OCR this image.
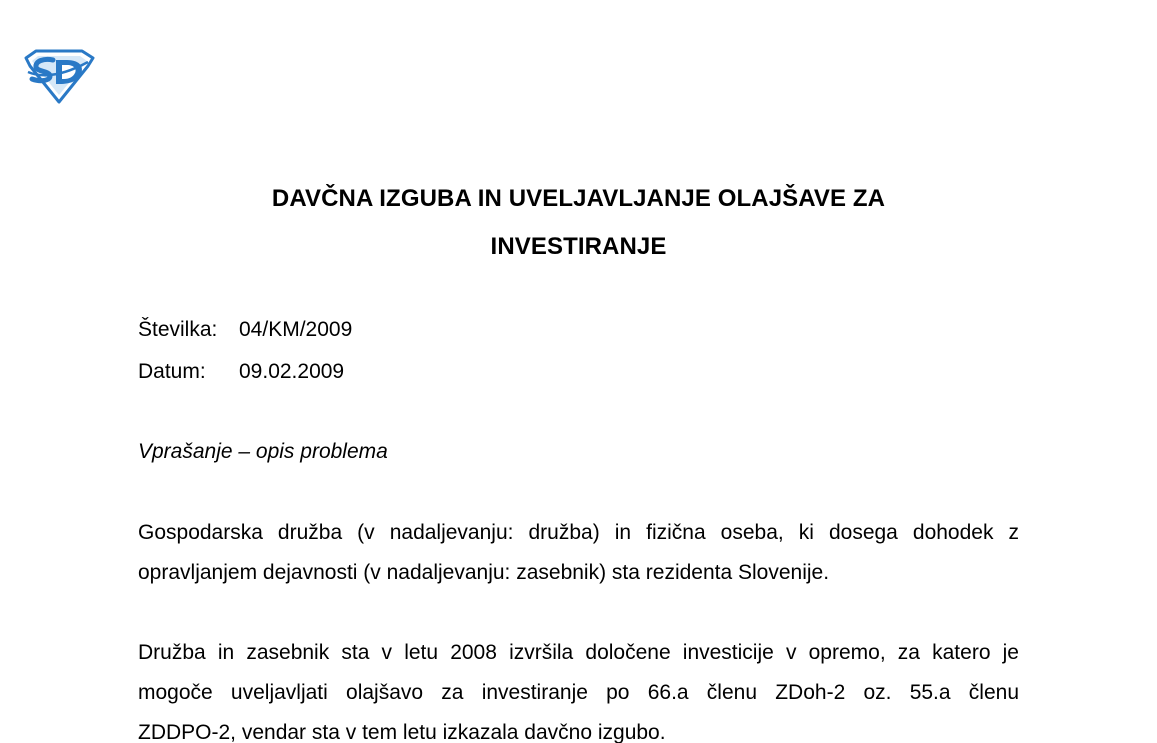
DAVČNA IZGUBA IN UVELJAVLJANJE OLAJŠAVE ZA
INVESTIRANJE
Številka: 04/KM/2009
Datum: 09.02.2009
Vprašanje – opis problema
Gospodarska družba (v nadaljevanju: družba) in fizična oseba, ki dosega dohodek z
opravljanjem dejavnosti (v nadaljevanju: zasebnik) sta rezidenta Slovenije.
Družba in zasebnik sta v letu 2008 izvršila določene investicije v opremo, za katero je
mogoče uveljavljati olajšavo za investiranje po 66.a členu ZDoh-2 oz. 55.a členu
ZDDPO-2, vendar sta v tem letu izkazala davčno izgubo.
